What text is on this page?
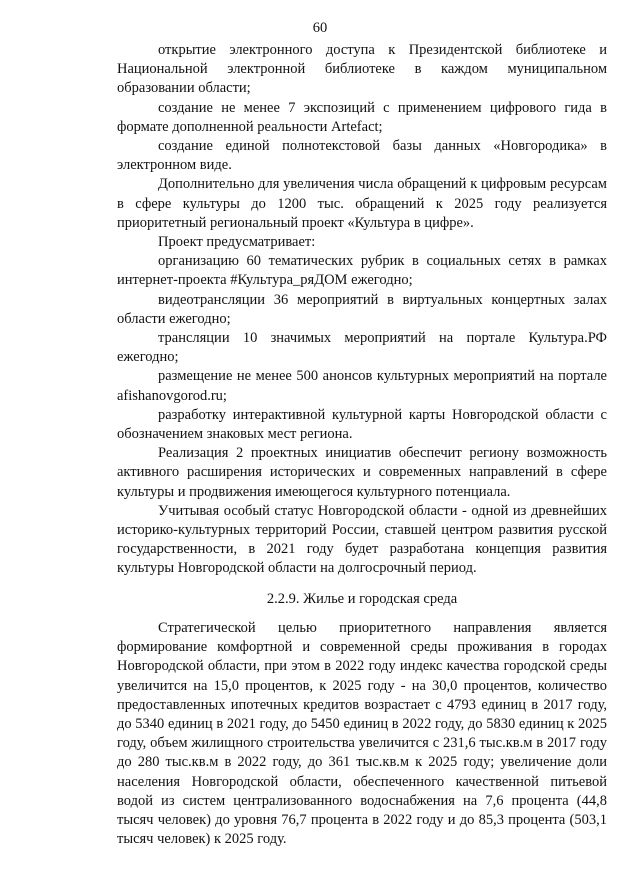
60

открытие электронного доступа к Президентской библиотеке и Национальной электронной библиотеке в каждом муниципальном образовании области;

создание не менее 7 экспозиций с применением цифрового гида в формате дополненной реальности Artefact;

создание единой полнотекстовой базы данных «Новгородика» в электронном виде.

Дополнительно для увеличения числа обращений к цифровым ресурсам в сфере культуры до 1200 тыс. обращений к 2025 году реализуется приоритетный региональный проект «Культура в цифре».

Проект предусматривает:

организацию 60 тематических рубрик в социальных сетях в рамках интернет-проекта #Культура_ряДОМ ежегодно;

видеотрансляции 36 мероприятий в виртуальных концертных залах области ежегодно;

трансляции 10 значимых мероприятий на портале Культура.РФ ежегодно;

размещение не менее 500 анонсов культурных мероприятий на портале afishanovgorod.ru;

разработку интерактивной культурной карты Новгородской области с обозначением знаковых мест региона.

Реализация 2 проектных инициатив обеспечит региону возможность активного расширения исторических и современных направлений в сфере культуры и продвижения имеющегося культурного потенциала.

Учитывая особый статус Новгородской области - одной из древнейших историко-культурных территорий России, ставшей центром развития русской государственности, в 2021 году будет разработана концепция развития культуры Новгородской области на долгосрочный период.

2.2.9. Жилье и городская среда

Стратегической целью приоритетного направления является формирование комфортной и современной среды проживания в городах Новгородской области, при этом в 2022 году индекс качества городской среды увеличится на 15,0 процентов, к 2025 году - на 30,0 процентов, количество предоставленных ипотечных кредитов возрастает с 4793 единиц в 2017 году, до 5340 единиц в 2021 году, до 5450 единиц в 2022 году, до 5830 единиц к 2025 году, объем жилищного строительства увеличится с 231,6 тыс.кв.м в 2017 году до 280 тыс.кв.м в 2022 году, до 361 тыс.кв.м к 2025 году; увеличение доли населения Новгородской области, обеспеченного качественной питьевой водой из систем централизованного водоснабжения на 7,6 процента (44,8 тысяч человек) до уровня 76,7 процента в 2022 году и до 85,3 процента (503,1 тысяч человек) к 2025 году.
